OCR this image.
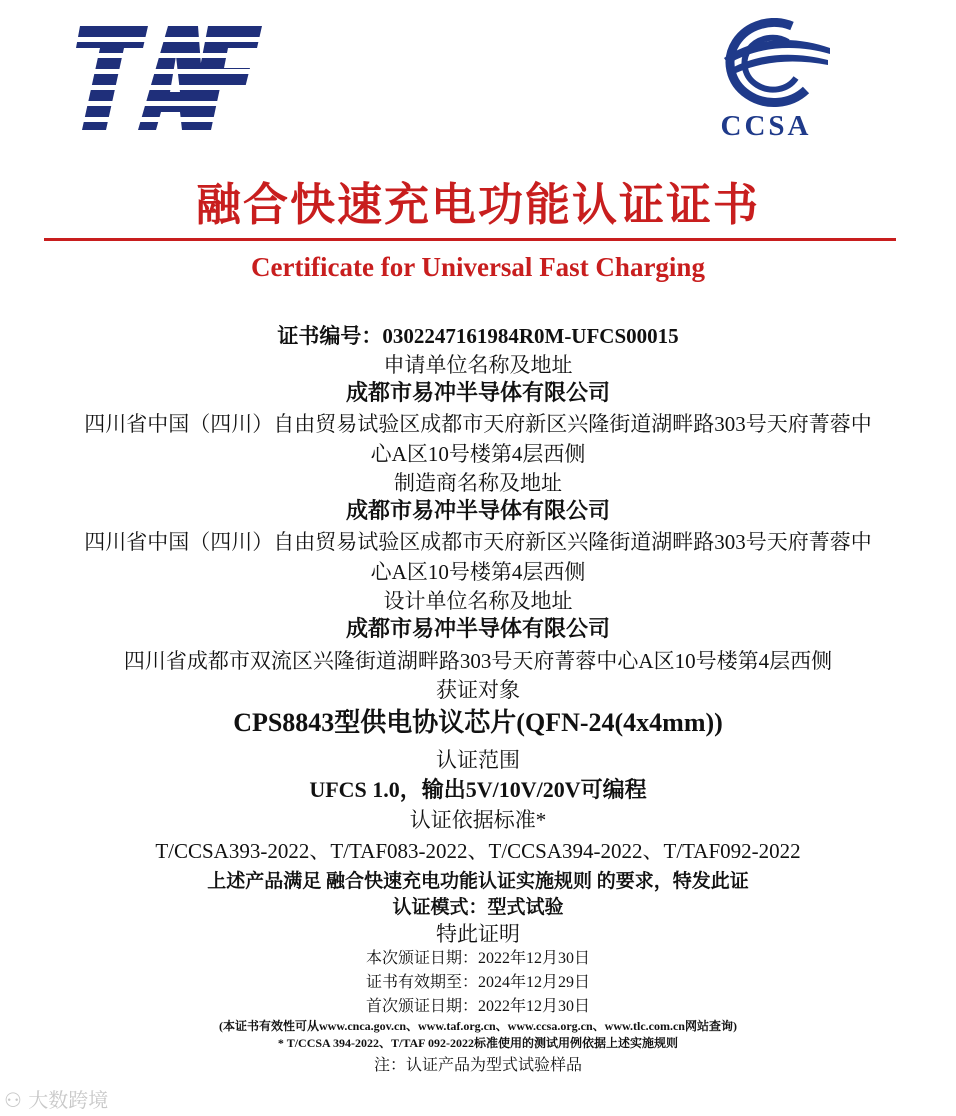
CCSA
融合快速充电功能认证证书
Certificate for Universal Fast Charging
证书编号：0302247161984R0M-UFCS00015
申请单位名称及地址
成都市易冲半导体有限公司
四川省中国（四川）自由贸易试验区成都市天府新区兴隆街道湖畔路303号天府菁蓉中
心A区10号楼第4层西侧
制造商名称及地址
成都市易冲半导体有限公司
四川省中国（四川）自由贸易试验区成都市天府新区兴隆街道湖畔路303号天府菁蓉中
心A区10号楼第4层西侧
设计单位名称及地址
成都市易冲半导体有限公司
四川省成都市双流区兴隆街道湖畔路303号天府菁蓉中心A区10号楼第4层西侧
获证对象
CPS8843型供电协议芯片(QFN-24(4x4mm))
认证范围
UFCS 1.0，输出5V/10V/20V可编程
认证依据标准*
T/CCSA393-2022、T/TAF083-2022、T/CCSA394-2022、T/TAF092-2022
上述产品满足 融合快速充电功能认证实施规则 的要求，特发此证
认证模式：型式试验
特此证明
本次颁证日期：2022年12月30日
证书有效期至：2024年12月29日
首次颁证日期：2022年12月30日
(本证书有效性可从www.cnca.gov.cn、www.taf.org.cn、www.ccsa.org.cn、www.tlc.com.cn网站查询)
* T/CCSA 394-2022、T/TAF 092-2022标准使用的测试用例依据上述实施规则
注：认证产品为型式试验样品
⚇ 大数跨境
